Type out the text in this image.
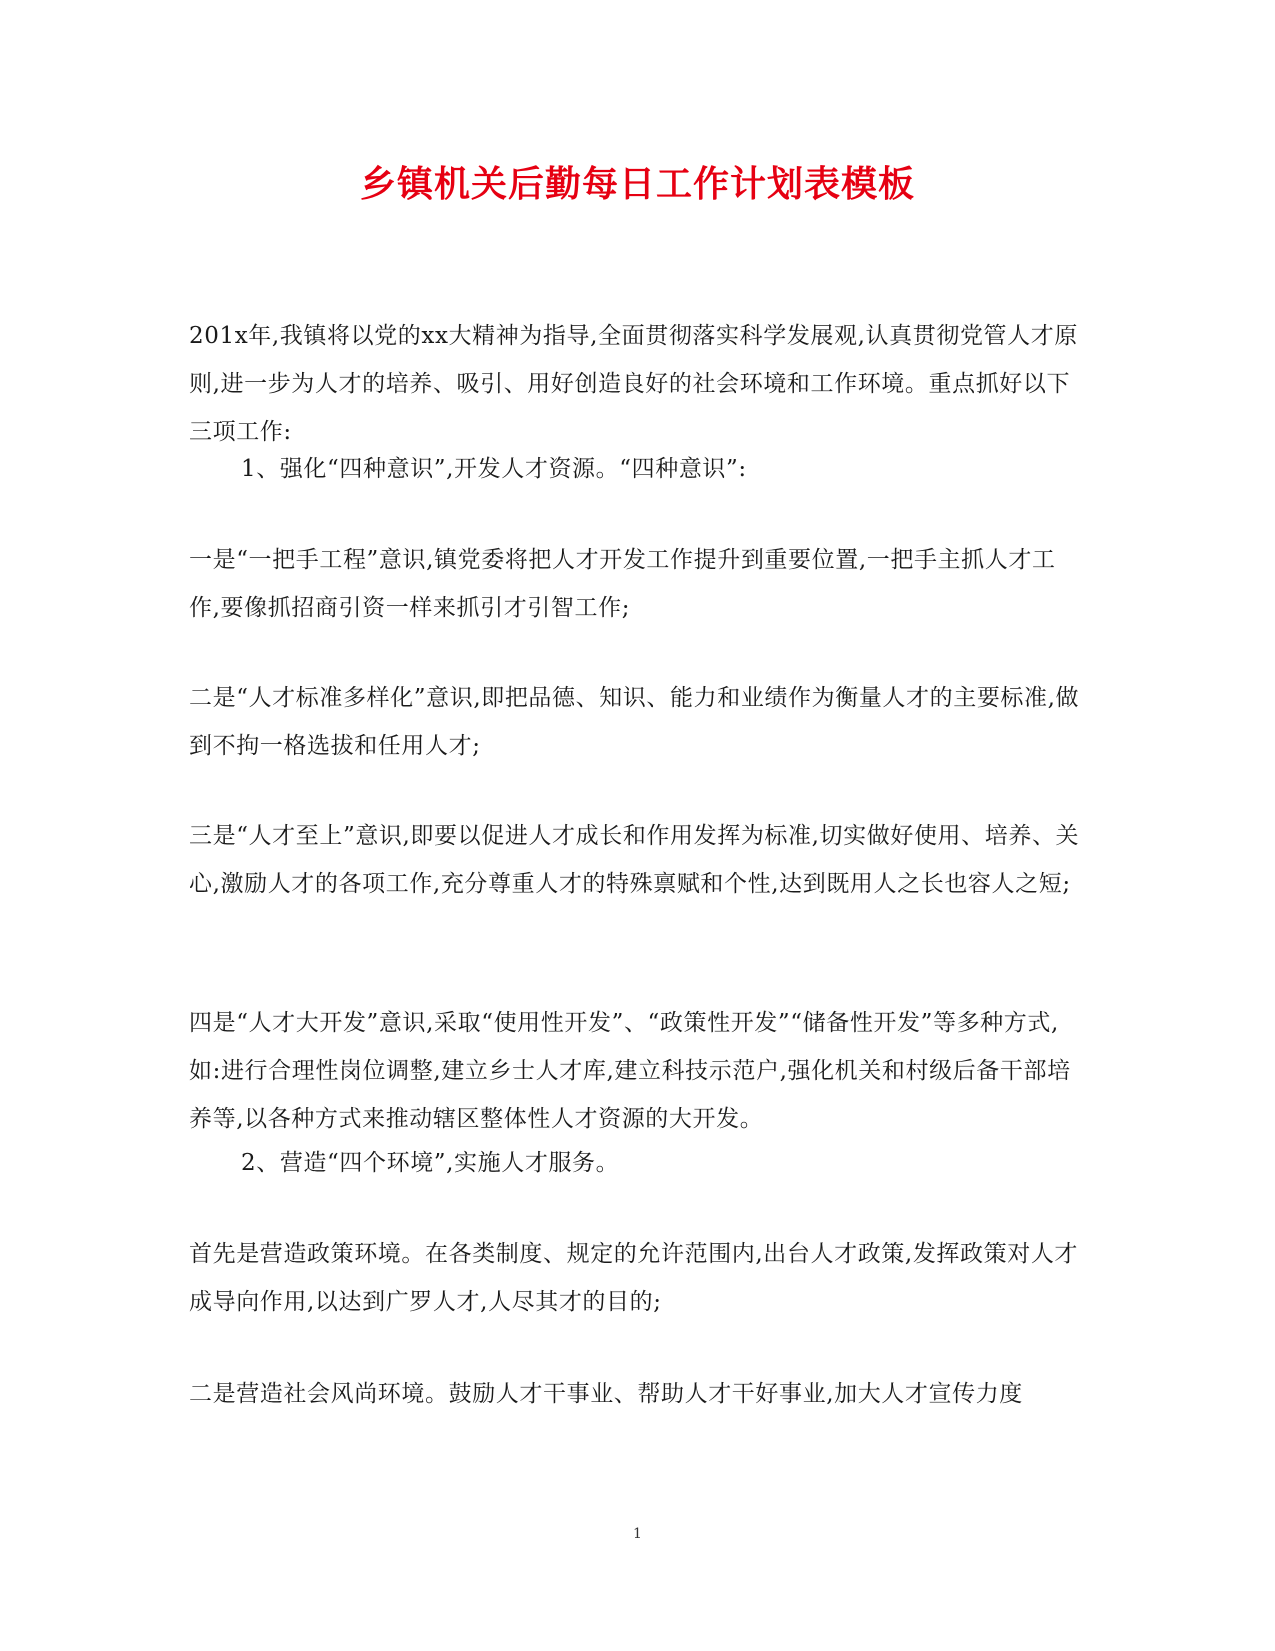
乡镇机关后勤每日工作计划表模板

201x年,我镇将以党的xx大精神为指导,全面贯彻落实科学发展观,认真贯彻党管人才原则,进一步为人才的培养、吸引、用好创造良好的社会环境和工作环境。重点抓好以下三项工作:

1、强化“四种意识”,开发人才资源。“四种意识”:

一是“一把手工程”意识,镇党委将把人才开发工作提升到重要位置,一把手主抓人才工作,要像抓招商引资一样来抓引才引智工作;

二是“人才标准多样化”意识,即把品德、知识、能力和业绩作为衡量人才的主要标准,做到不拘一格选拔和任用人才;

三是“人才至上”意识,即要以促进人才成长和作用发挥为标准,切实做好使用、培养、关心,激励人才的各项工作,充分尊重人才的特殊禀赋和个性,达到既用人之长也容人之短;

四是“人才大开发”意识,采取“使用性开发”、“政策性开发”“储备性开发”等多种方式,如:进行合理性岗位调整,建立乡士人才库,建立科技示范户,强化机关和村级后备干部培养等,以各种方式来推动辖区整体性人才资源的大开发。

2、营造“四个环境”,实施人才服务。

首先是营造政策环境。在各类制度、规定的允许范围内,出台人才政策,发挥政策对人才成导向作用,以达到广罗人才,人尽其才的目的;

二是营造社会风尚环境。鼓励人才干事业、帮助人才干好事业,加大人才宣传力度

1
